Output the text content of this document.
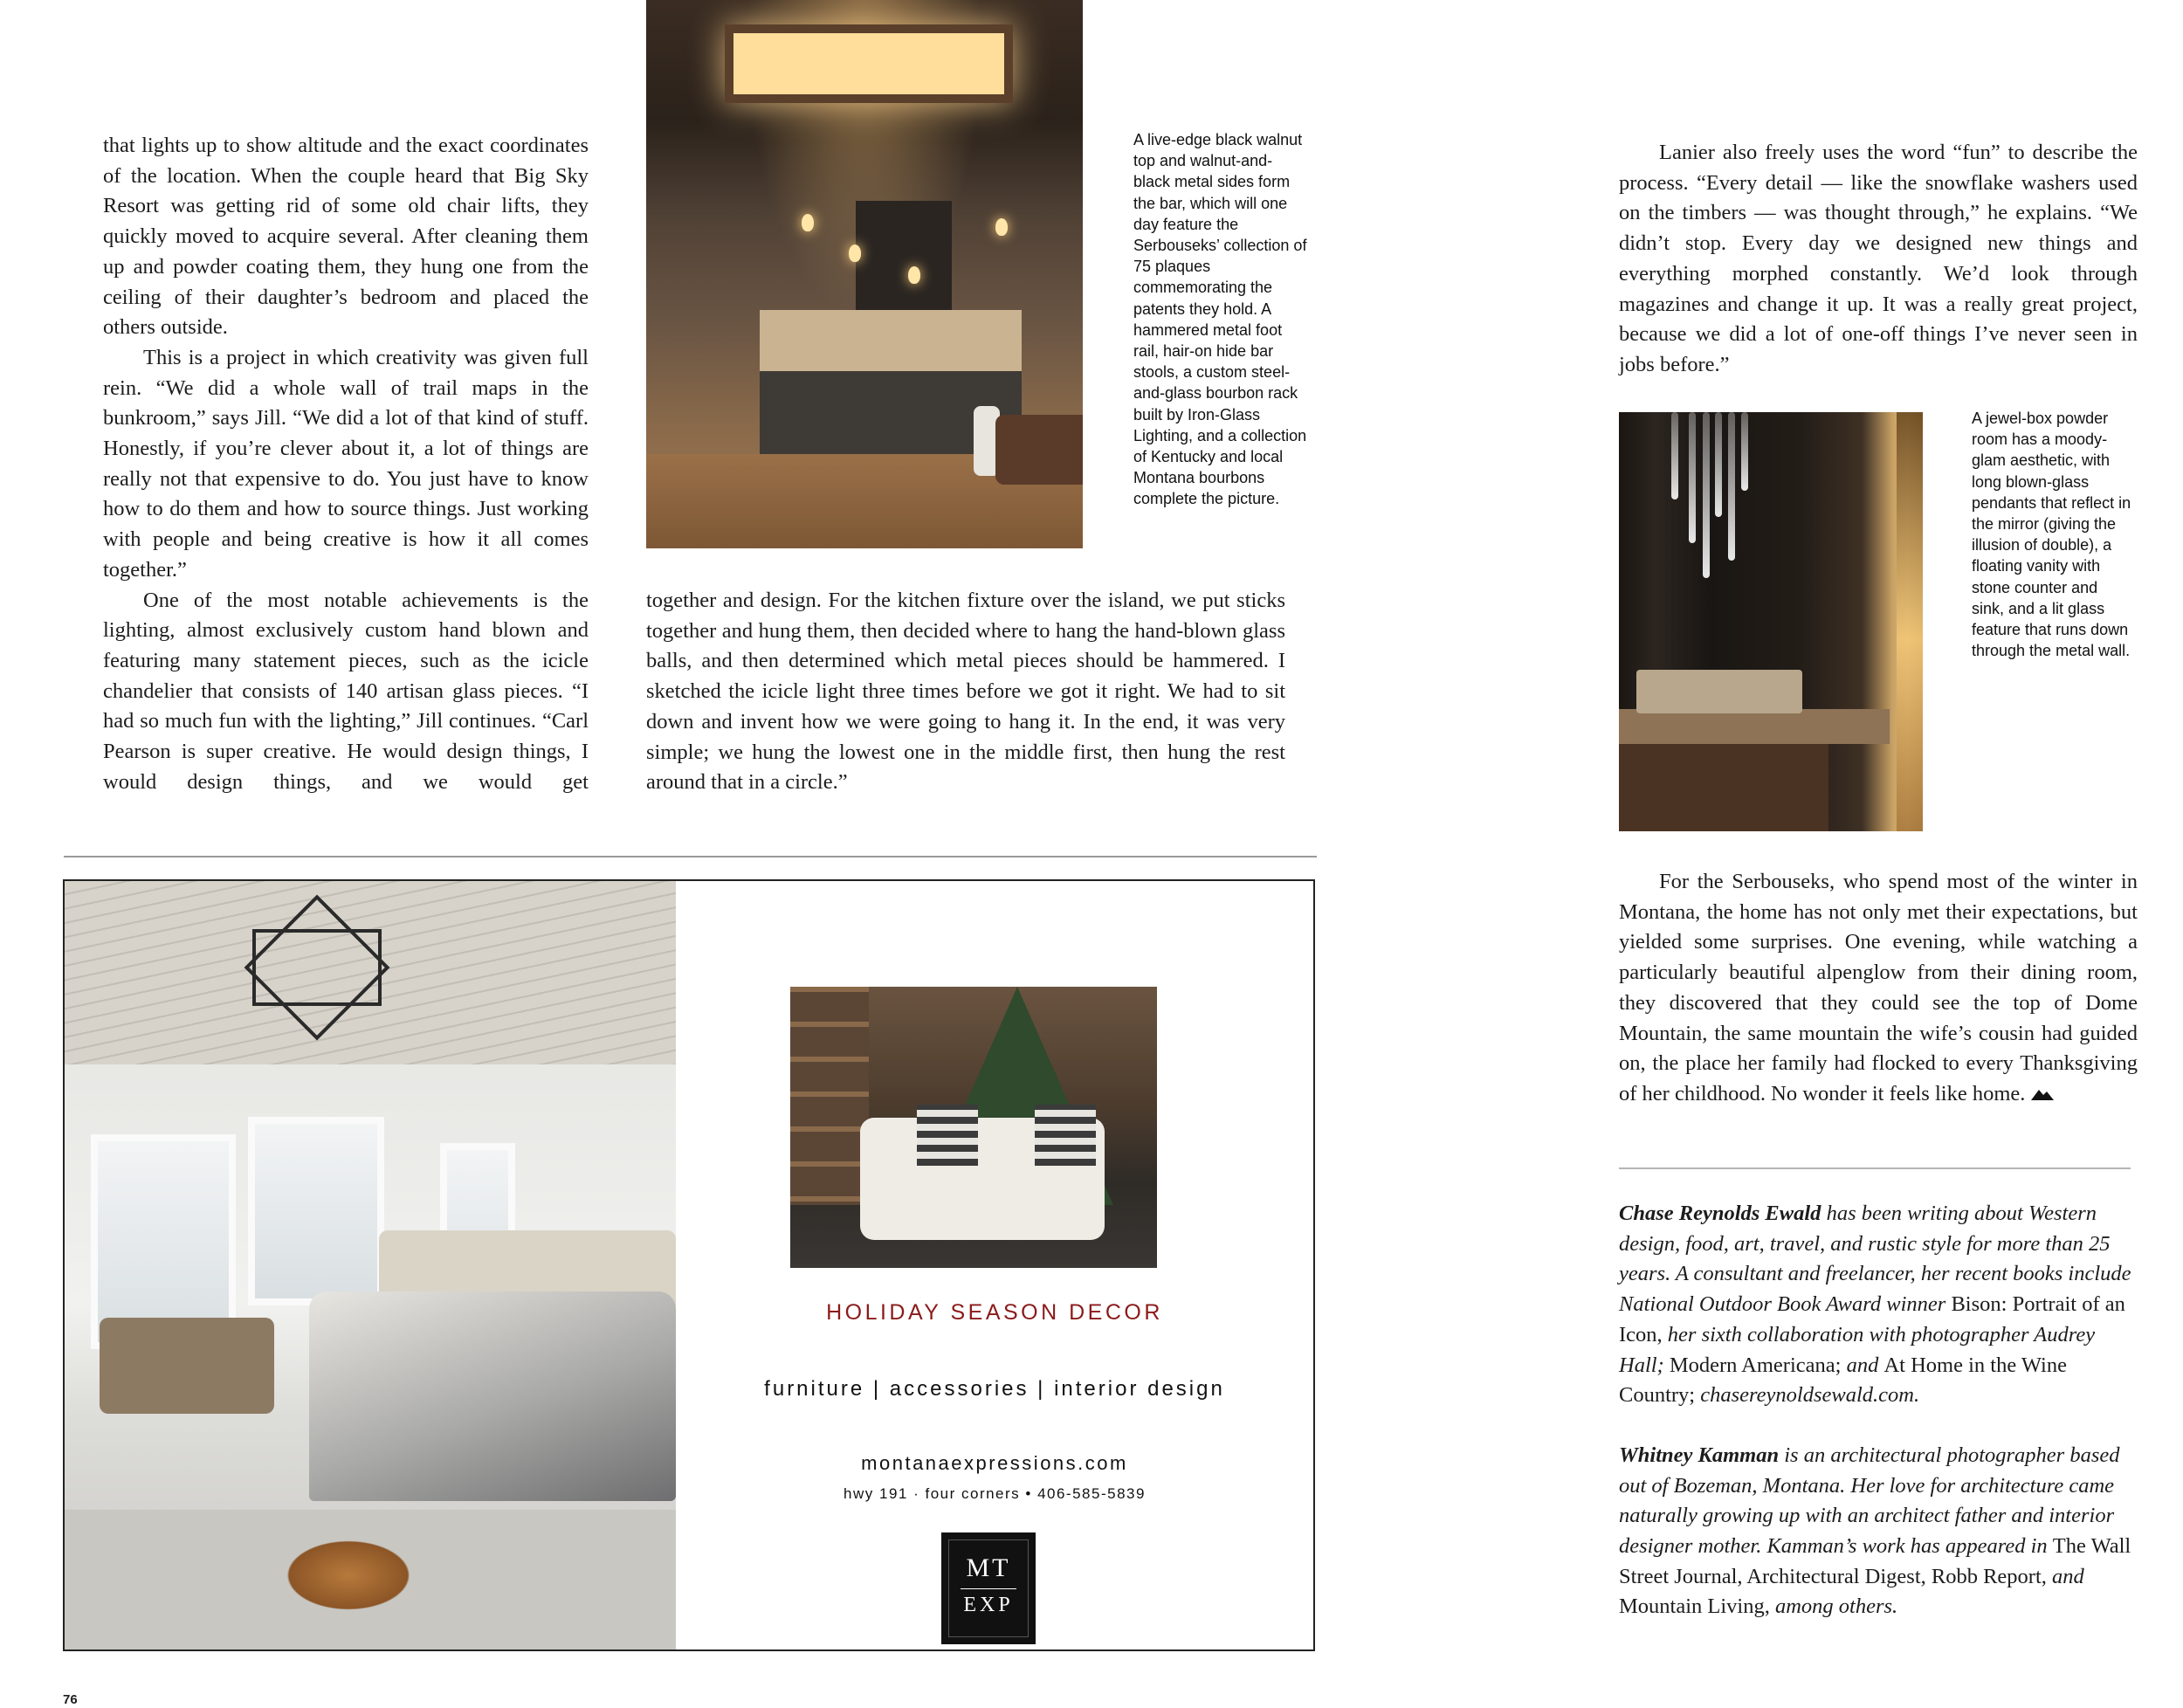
that lights up to show altitude and the exact coordinates of the location. When the couple heard that Big Sky Resort was getting rid of some old chair lifts, they quickly moved to acquire several. After cleaning them up and powder coating them, they hung one from the ceiling of their daughter’s bedroom and placed the others outside.

This is a project in which creativity was given full rein. “We did a whole wall of trail maps in the bunkroom,” says Jill. “We did a lot of that kind of stuff. Honestly, if you’re clever about it, a lot of things are really not that expensive to do. You just have to know how to do them and how to source things. Just working with people and being creative is how it all comes together.”

One of the most notable achievements is the lighting, almost exclusively custom hand blown and featuring many statement pieces, such as the icicle chandelier that consists of 140 artisan glass pieces. “I had so much fun with the lighting,” Jill continues. “Carl Pearson is super creative. He would design things, I would design things, and we would get

A live-edge black walnut top and walnut-and-black metal sides form the bar, which will one day feature the Serbouseks’ collection of 75 plaques commemorating the patents they hold. A hammered metal foot rail, hair-on hide bar stools, a custom steel-and-glass bourbon rack built by Iron-Glass Lighting, and a collection of Kentucky and local Montana bourbons complete the picture.

together and design. For the kitchen fixture over the island, we put sticks together and hung them, then decided where to hang the hand-blown glass balls, and then determined which metal pieces should be hammered. I sketched the icicle light three times before we got it right. We had to sit down and invent how we were going to hang it. In the end, it was very simple; we hung the lowest one in the middle first, then hung the rest around that in a circle.”

Lanier also freely uses the word “fun” to describe the process. “Every detail — like the snowflake washers used on the timbers — was thought through,” he explains. “We didn’t stop. Every day we designed new things and everything morphed constantly. We’d look through magazines and change it up. It was a really great project, because we did a lot of one-off things I’ve never seen in jobs before.”

A jewel-box powder room has a moody-glam aesthetic, with long blown-glass pendants that reflect in the mirror (giving the illusion of double), a floating vanity with stone counter and sink, and a lit glass feature that runs down through the metal wall.

For the Serbouseks, who spend most of the winter in Montana, the home has not only met their expectations, but yielded some surprises. One evening, while watching a particularly beautiful alpenglow from their dining room, they discovered that they could see the top of Dome Mountain, the same mountain the wife’s cousin had guided on, the place her family had flocked to every Thanksgiving of her childhood. No wonder it feels like home.

Chase Reynolds Ewald has been writing about Western design, food, art, travel, and rustic style for more than 25 years. A consultant and freelancer, her recent books include National Outdoor Book Award winner Bison: Portrait of an Icon, her sixth collaboration with photographer Audrey Hall; Modern Americana; and At Home in the Wine Country; chasereynoldsewald.com.

Whitney Kamman is an architectural photographer based out of Bozeman, Montana. Her love for architecture came naturally growing up with an architect father and interior designer mother. Kamman’s work has appeared in The Wall Street Journal, Architectural Digest, Robb Report, and Mountain Living, among others.

HOLIDAY SEASON DECOR
furniture | accessories | interior design
montanaexpressions.com
hwy 191 · four corners • 406-585-5839
MT
EXP
76
